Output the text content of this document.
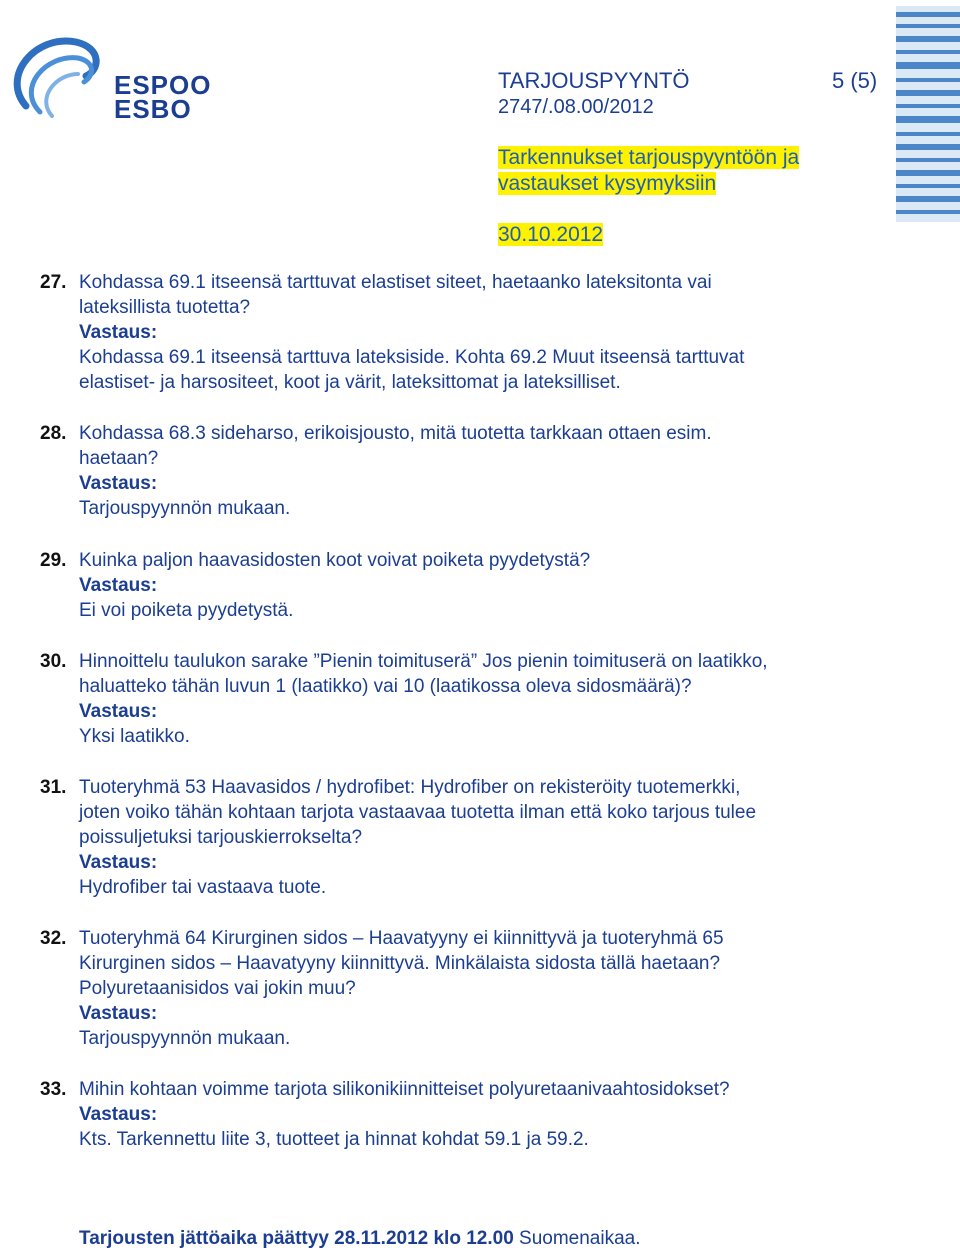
ESPOO
ESBO
TARJOUSPYYNTÖ	5 (5)
2747/.08.00/2012
Tarkennukset tarjouspyyntöön ja
vastaukset kysymyksiin
30.10.2012
27. Kohdassa 69.1 itseensä tarttuvat elastiset siteet, haetaanko lateksitonta vai
lateksillista tuotetta?
Vastaus:
Kohdassa 69.1 itseensä tarttuva lateksiside. Kohta 69.2 Muut itseensä tarttuvat
elastiset- ja harsositeet, koot ja värit, lateksittomat ja lateksilliset.
28. Kohdassa 68.3 sideharso, erikoisjousto, mitä tuotetta tarkkaan ottaen esim.
haetaan?
Vastaus:
Tarjouspyynnön mukaan.
29. Kuinka paljon haavasidosten koot voivat poiketa pyydetystä?
Vastaus:
Ei voi poiketa pyydetystä.
30. Hinnoittelu taulukon sarake ”Pienin toimituserä” Jos pienin toimituserä on laatikko,
haluatteko tähän luvun 1 (laatikko) vai 10 (laatikossa oleva sidosmäärä)?
Vastaus:
Yksi laatikko.
31. Tuoteryhmä 53 Haavasidos / hydrofibet: Hydrofiber on rekisteröity tuotemerkki,
joten voiko tähän kohtaan tarjota vastaavaa tuotetta ilman että koko tarjous tulee
poissuljetuksi tarjouskierrokselta?
Vastaus:
Hydrofiber tai vastaava tuote.
32. Tuoteryhmä 64 Kirurginen sidos – Haavatyyny ei kiinnittyvä ja tuoteryhmä 65
Kirurginen sidos – Haavatyyny kiinnittyvä. Minkälaista sidosta tällä haetaan?
Polyuretaanisidos vai jokin muu?
Vastaus:
Tarjouspyynnön mukaan.
33. Mihin kohtaan voimme tarjota silikonikiinnitteiset polyuretaanivaahtosidokset?
Vastaus:
Kts. Tarkennettu liite 3, tuotteet ja hinnat kohdat 59.1 ja 59.2.
Tarjousten jättöaika päättyy 28.11.2012 klo 12.00 Suomenaikaa.
